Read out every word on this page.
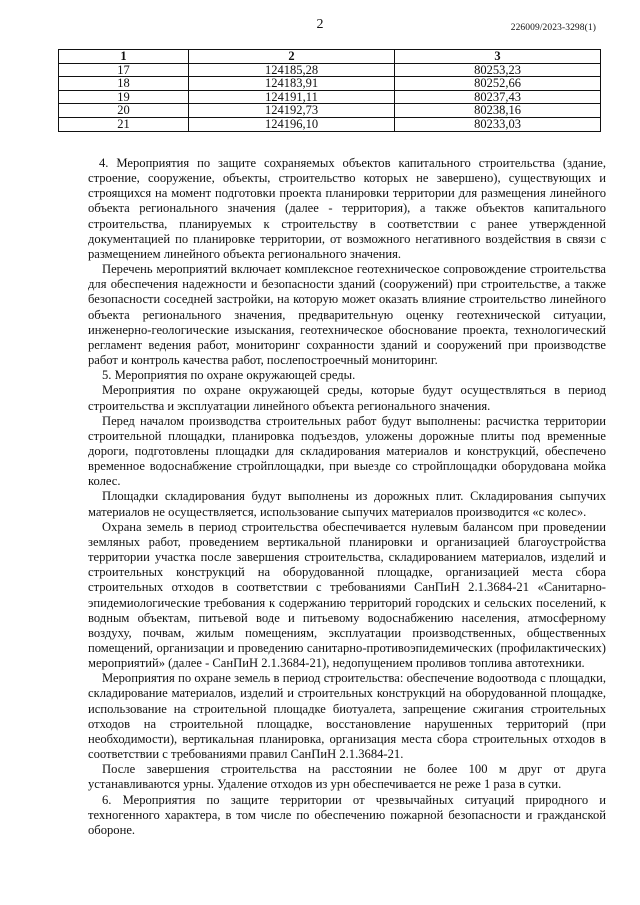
2	226009/2023-3298(1)
1	2	3
17	124185,28	80253,23
18	124183,91	80252,66
19	124191,11	80237,43
20	124192,73	80238,16
21	124196,10	80233,03

4. Мероприятия по защите сохраняемых объектов капитального строительства (здание, строение, сооружение, объекты, строительство которых не завершено), существующих и строящихся на момент подготовки проекта планировки территории для размещения линейного объекта регионального значения (далее - территория), а также объектов капитального строительства, планируемых к строительству в соответствии с ранее утвержденной документацией по планировке территории, от возможного негативного воздействия в связи с размещением линейного объекта регионального значения.

Перечень мероприятий включает комплексное геотехническое сопровождение строительства для обеспечения надежности и безопасности зданий (сооружений) при строительстве, а также безопасности соседней застройки, на которую может оказать влияние строительство линейного объекта регионального значения, предварительную оценку геотехнической ситуации, инженерно-геологические изыскания, геотехническое обоснование проекта, технологический регламент ведения работ, мониторинг сохранности зданий и сооружений при производстве работ и контроль качества работ, послепостроечный мониторинг.

5. Мероприятия по охране окружающей среды.

Мероприятия по охране окружающей среды, которые будут осуществляться в период строительства и эксплуатации линейного объекта регионального значения.

Перед началом производства строительных работ будут выполнены: расчистка территории строительной площадки, планировка подъездов, уложены дорожные плиты под временные дороги, подготовлены площадки для складирования материалов и конструкций, обеспечено временное водоснабжение стройплощадки, при выезде со стройплощадки оборудована мойка колес.

Площадки складирования будут выполнены из дорожных плит. Складирования сыпучих материалов не осуществляется, использование сыпучих материалов производится «с колес».

Охрана земель в период строительства обеспечивается нулевым балансом при проведении земляных работ, проведением вертикальной планировки и организацией благоустройства территории участка после завершения строительства, складированием материалов, изделий и строительных конструкций на оборудованной площадке, организацией места сбора строительных отходов в соответствии с требованиями СанПиН 2.1.3684-21 «Санитарно-эпидемиологические требования к содержанию территорий городских и сельских поселений, к водным объектам, питьевой воде и питьевому водоснабжению населения, атмосферному воздуху, почвам, жилым помещениям, эксплуатации производственных, общественных помещений, организации и проведению санитарно-противоэпидемических (профилактических) мероприятий» (далее - СанПиН 2.1.3684-21), недопущением проливов топлива автотехники.

Мероприятия по охране земель в период строительства: обеспечение водоотвода с площадки, складирование материалов, изделий и строительных конструкций на оборудованной площадке, использование на строительной площадке биотуалета, запрещение сжигания строительных отходов на строительной площадке, восстановление нарушенных территорий (при необходимости), вертикальная планировка, организация места сбора строительных отходов в соответствии с требованиями правил СанПиН 2.1.3684-21.

После завершения строительства на расстоянии не более 100 м друг от друга устанавливаются урны. Удаление отходов из урн обеспечивается не реже 1 раза в сутки.

6. Мероприятия по защите территории от чрезвычайных ситуаций природного и техногенного характера, в том числе по обеспечению пожарной безопасности и гражданской обороне.
